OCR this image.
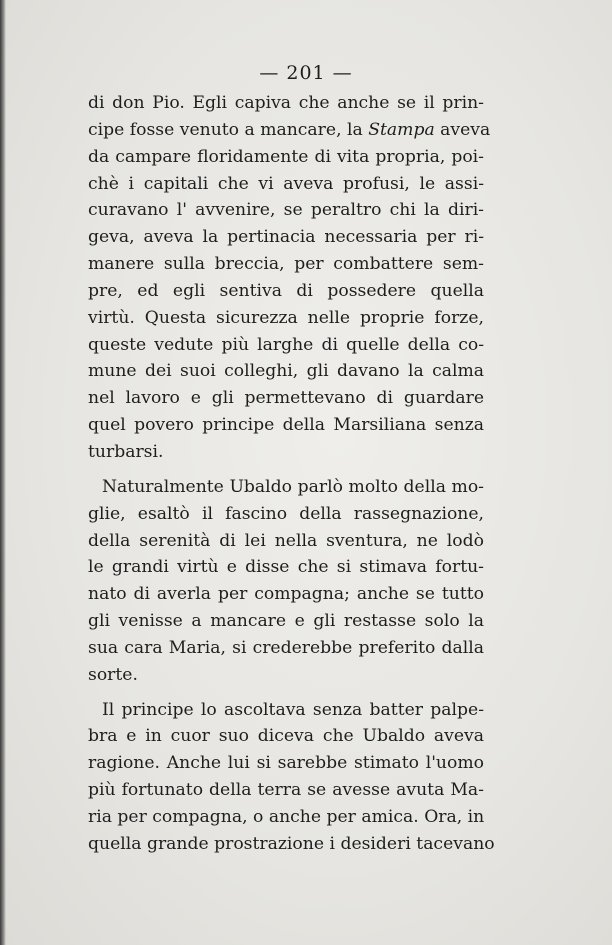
— 201 —

di don Pio. Egli capiva che anche se il prin-

cipe fosse venuto a mancare, la Stampa aveva

da campare floridamente di vita propria, poi-

chè i capitali che vi aveva profusi, le assi-

curavano l' avvenire, se peraltro chi la diri-

geva, aveva la pertinacia necessaria per ri-

manere sulla breccia, per combattere sem-

pre, ed egli sentiva di possedere quella

virtù. Questa sicurezza nelle proprie forze,

queste vedute più larghe di quelle della co-

mune dei suoi colleghi, gli davano la calma

nel lavoro e gli permettevano di guardare

quel povero principe della Marsiliana senza

turbarsi.

Naturalmente Ubaldo parlò molto della mo-

glie, esaltò il fascino della rassegnazione,

della serenità di lei nella sventura, ne lodò

le grandi virtù e disse che si stimava fortu-

nato di averla per compagna; anche se tutto

gli venisse a mancare e gli restasse solo la

sua cara Maria, si crederebbe preferito dalla

sorte.

Il principe lo ascoltava senza batter palpe-

bra e in cuor suo diceva che Ubaldo aveva

ragione. Anche lui si sarebbe stimato l'uomo

più fortunato della terra se avesse avuta Ma-

ria per compagna, o anche per amica. Ora, in

quella grande prostrazione i desideri tacevano
